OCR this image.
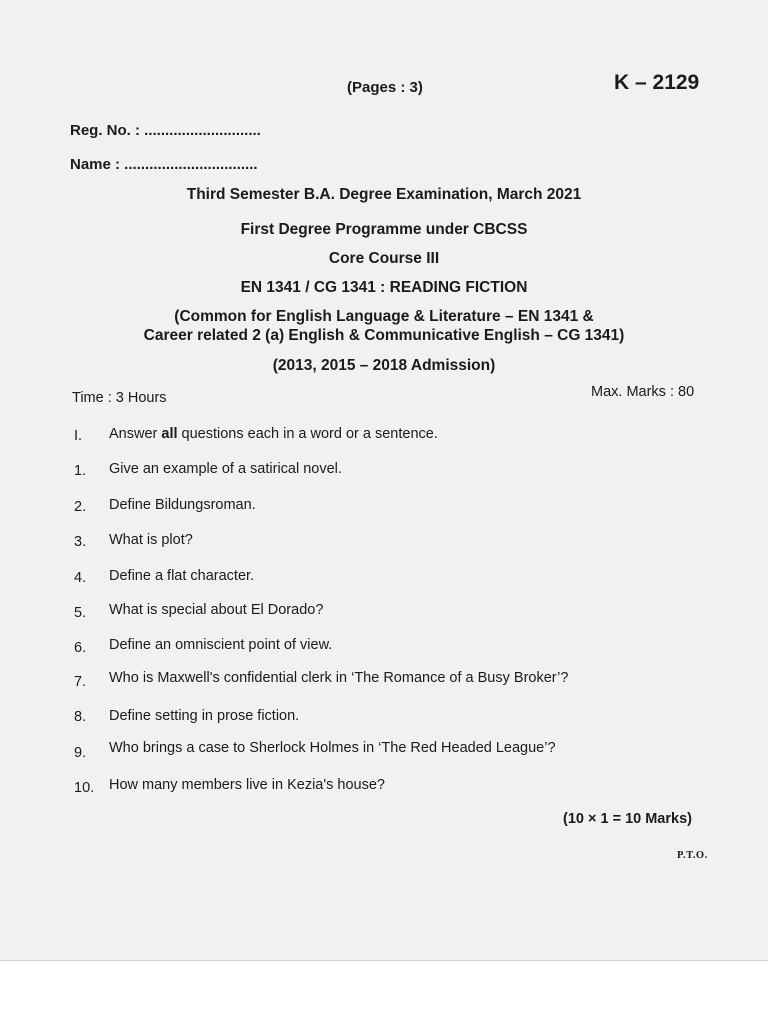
(Pages : 3)	K – 2129
Reg. No. : ............................
Name : ................................
Third Semester B.A. Degree Examination, March 2021
First Degree Programme under CBCSS
Core Course III
EN 1341 / CG 1341 : READING FICTION
(Common for English Language & Literature – EN 1341 &
Career related 2 (a) English & Communicative English – CG 1341)
(2013, 2015 – 2018 Admission)
Time : 3 Hours	Max. Marks : 80
I. Answer all questions each in a word or a sentence.
1. Give an example of a satirical novel.
2. Define Bildungsroman.
3. What is plot?
4. Define a flat character.
5. What is special about El Dorado?
6. Define an omniscient point of view.
7. Who is Maxwell's confidential clerk in ‘The Romance of a Busy Broker’?
8. Define setting in prose fiction.
9. Who brings a case to Sherlock Holmes in ‘The Red Headed League’?
10. How many members live in Kezia's house?
(10 × 1 = 10 Marks)
P.T.O.
